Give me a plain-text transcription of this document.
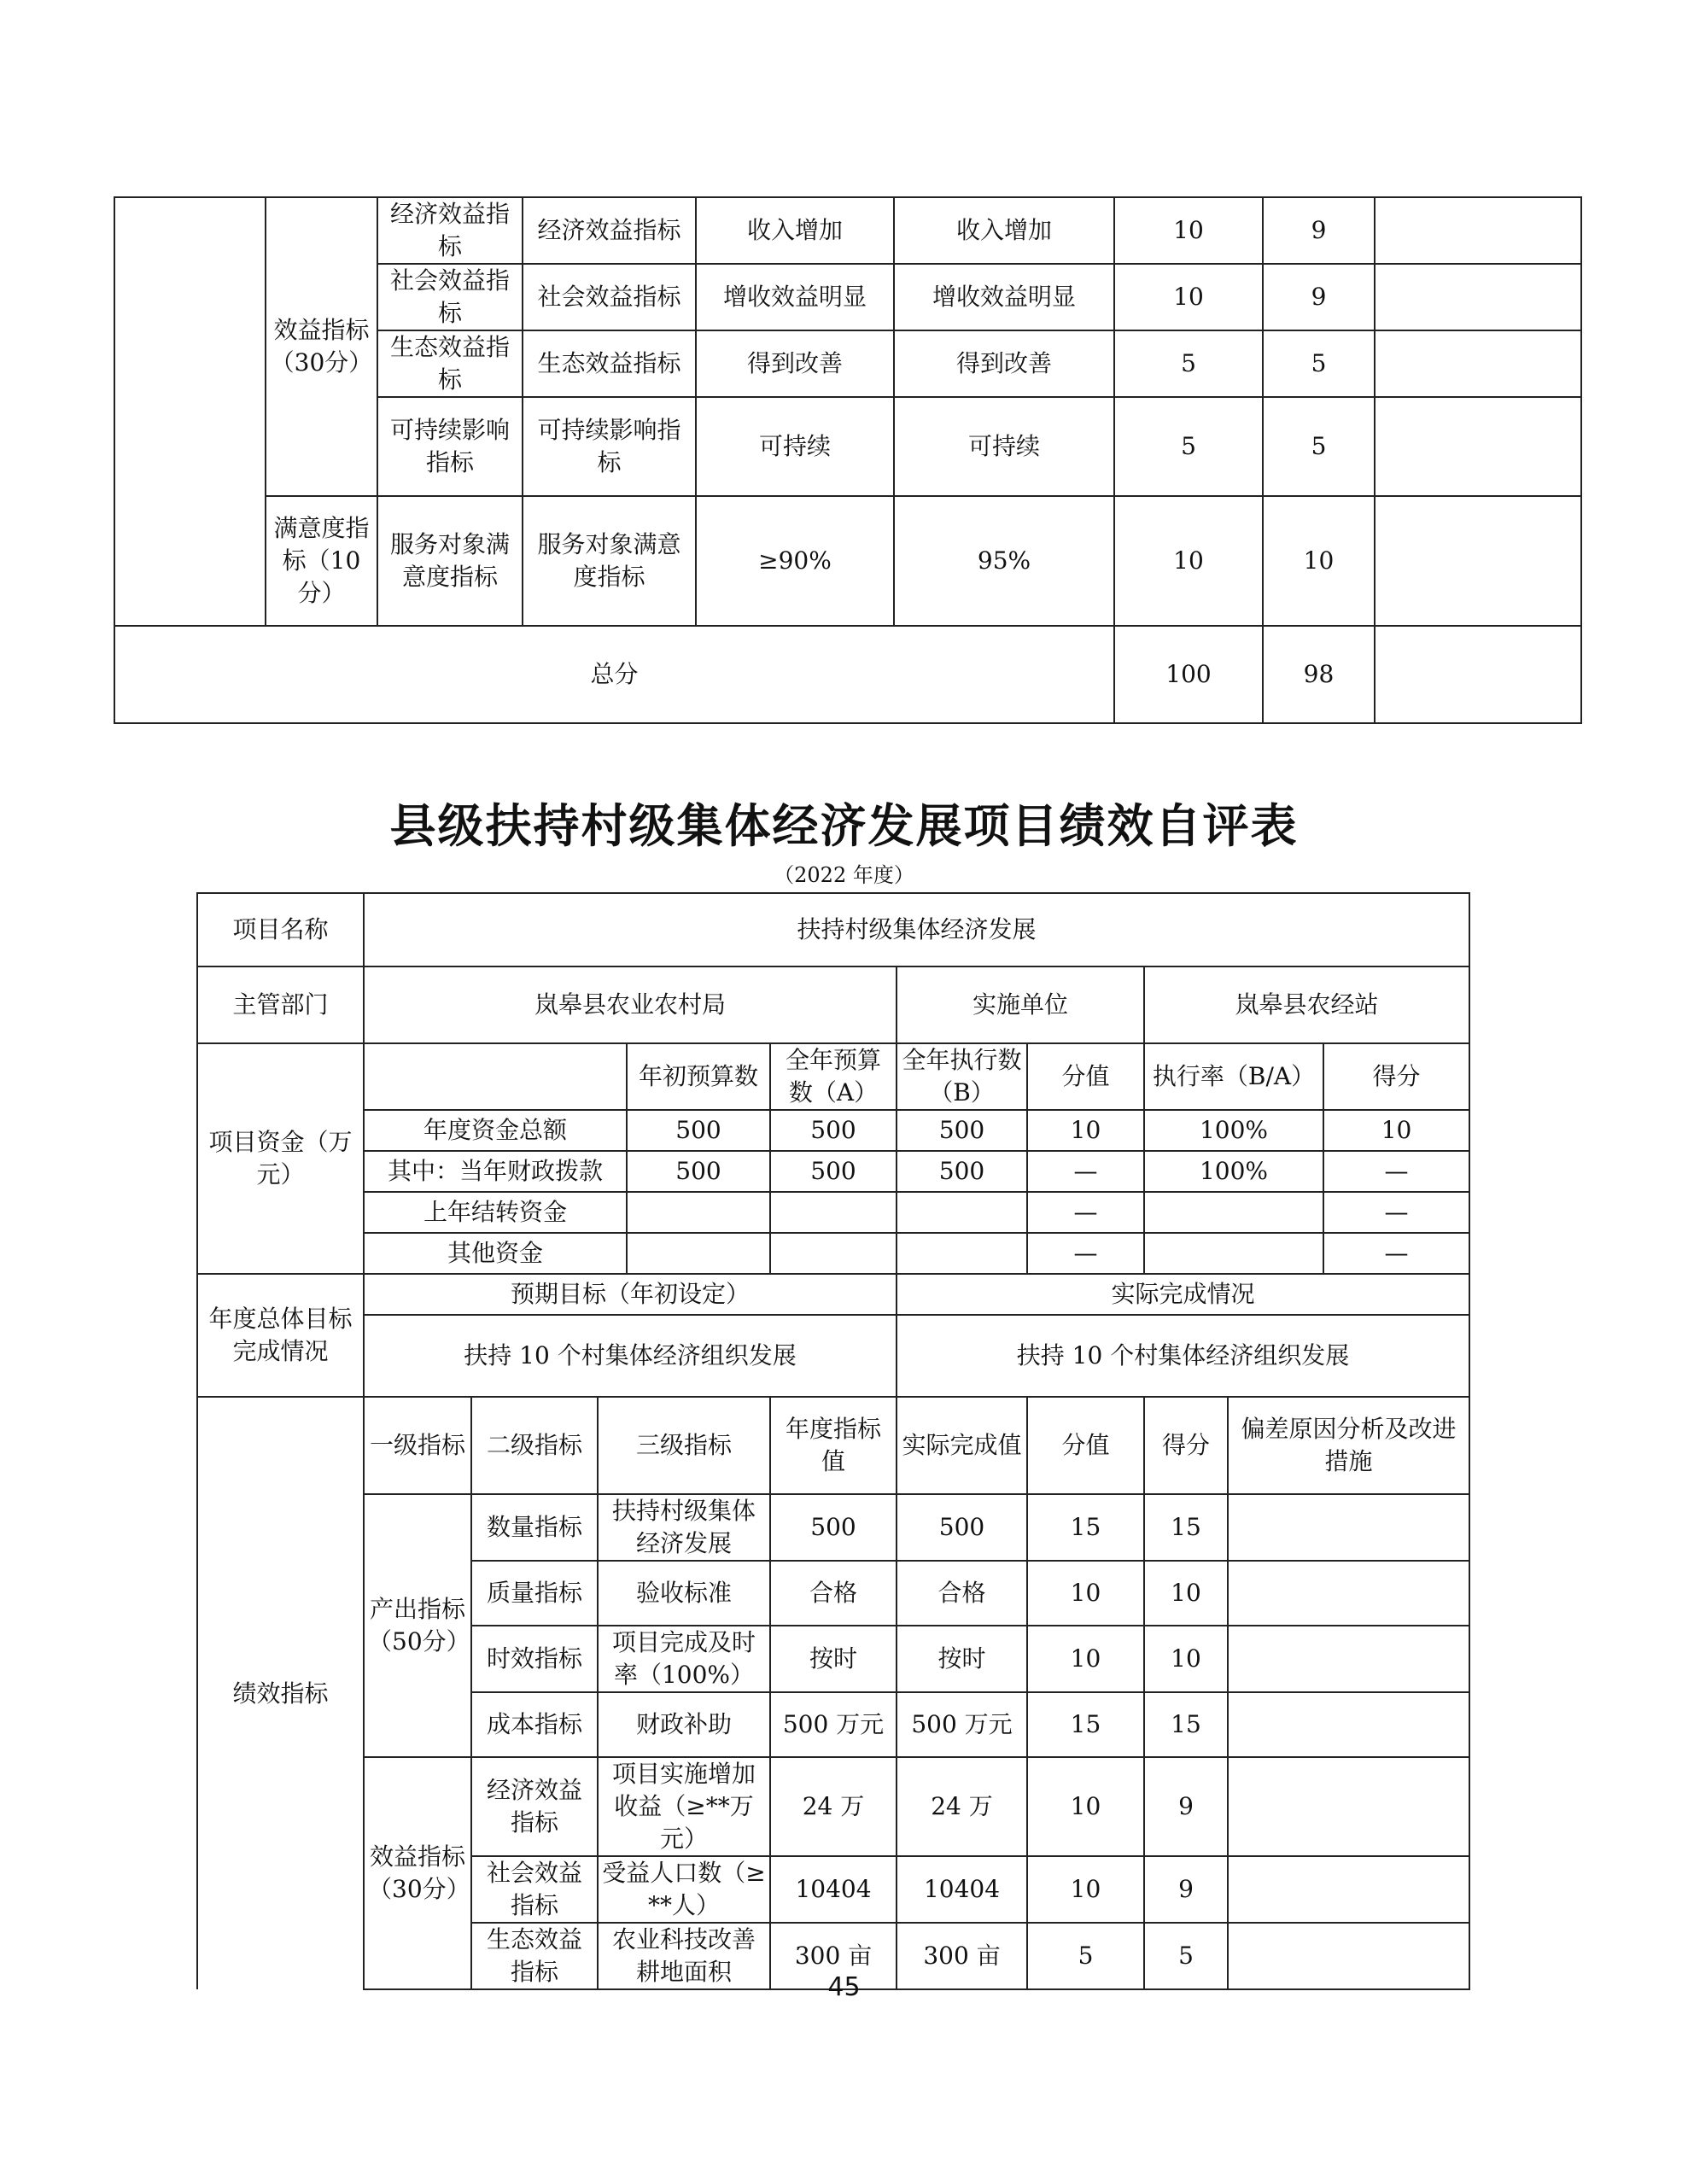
	效益指标（30分）	经济效益指标	经济效益指标	收入增加	收入增加	10	9	
		社会效益指标	社会效益指标	增收效益明显	增收效益明显	10	9	
		生态效益指标	生态效益指标	得到改善	得到改善	5	5	
		可持续影响指标	可持续影响指标	可持续	可持续	5	5	
	满意度指标（10分）	服务对象满意度指标	服务对象满意度指标	≥90%	95%	10	10	

总分						100	98	
县级扶持村级集体经济发展项目绩效自评表
（2022 年度）
项目名称	扶持村级集体经济发展									
主管部门	岚皋县农业农村局					实施单位		岚皋县农经站		
项目资金（万元）				年初预算数	全年预算数（A）	全年执行数（B）	分值	执行率（B/A）		得分
	年度资金总额			500	500	500	10	100%		10
	其中：当年财政拨款			500	500	500	—	100%		—
	上年结转资金						—			—
	其他资金						—			—
年度总体目标完成情况	预期目标（年初设定）					实际完成情况				
	扶持 10 个村集体经济组织发展					扶持 10 个村集体经济组织发展				
绩效指标	一级指标	二级指标	三级指标		年度指标值	实际完成值	分值	得分	偏差原因分析及改进措施	
	产出指标（50分）	数量指标	扶持村级集体经济发展		500	500	15	15		
		质量指标	验收标准		合格	合格	10	10		
		时效指标	项目完成及时率（100%）		按时	按时	10	10		
		成本指标	财政补助		500 万元	500 万元	15	15		
	效益指标（30分）	经济效益指标	项目实施增加收益（≥**万元）		24 万	24 万	10	9		
		社会效益指标	受益人口数（≥**人）		10404	10404	10	9		
		生态效益指标	农业科技改善耕地面积		300 亩	300 亩	5	5		
45
